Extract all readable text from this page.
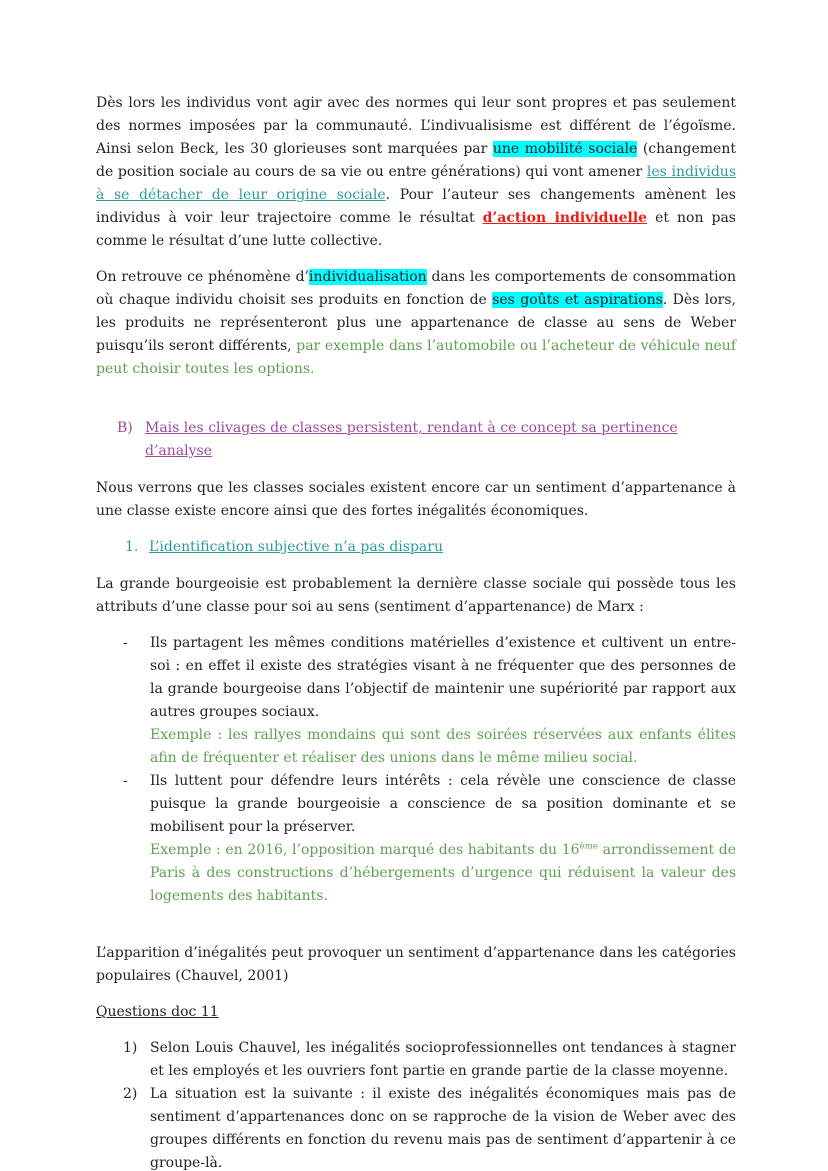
Dès lors les individus vont agir avec des normes qui leur sont propres et pas seulement des normes imposées par la communauté. L’indivualisisme est différent de l’égoïsme. Ainsi selon Beck, les 30 glorieuses sont marquées par une mobilité sociale (changement de position sociale au cours de sa vie ou entre générations) qui vont amener les individus à se détacher de leur origine sociale. Pour l’auteur ses changements amènent les individus à voir leur trajectoire comme le résultat d’action individuelle et non pas comme le résultat d’une lutte collective.

On retrouve ce phénomène d’individualisation dans les comportements de consommation où chaque individu choisit ses produits en fonction de ses goûts et aspirations. Dès lors, les produits ne représenteront plus une appartenance de classe au sens de Weber puisqu’ils seront différents, par exemple dans l’automobile ou l’acheteur de véhicule neuf peut choisir toutes les options.

B) Mais les clivages de classes persistent, rendant à ce concept sa pertinence d’analyse

Nous verrons que les classes sociales existent encore car un sentiment d’appartenance à une classe existe encore ainsi que des fortes inégalités économiques.

1. L’identification subjective n’a pas disparu

La grande bourgeoisie est probablement la dernière classe sociale qui possède tous les attributs d’une classe pour soi au sens (sentiment d’appartenance) de Marx :

-	Ils partagent les mêmes conditions matérielles d’existence et cultivent un entre-soi : en effet il existe des stratégies visant à ne fréquenter que des personnes de la grande bourgeoise dans l’objectif de maintenir une supériorité par rapport aux autres groupes sociaux.
Exemple : les rallyes mondains qui sont des soirées réservées aux enfants élites afin de fréquenter et réaliser des unions dans le même milieu social.
-	Ils luttent pour défendre leurs intérêts : cela révèle une conscience de classe puisque la grande bourgeoisie a conscience de sa position dominante et se mobilisent pour la préserver.
Exemple : en 2016, l’opposition marqué des habitants du 16ème arrondissement de Paris à des constructions d’hébergements d’urgence qui réduisent la valeur des logements des habitants.

L’apparition d’inégalités peut provoquer un sentiment d’appartenance dans les catégories populaires (Chauvel, 2001)

Questions doc 11

1) Selon Louis Chauvel, les inégalités socioprofessionnelles ont tendances à stagner et les employés et les ouvriers font partie en grande partie de la classe moyenne.
2) La situation est la suivante : il existe des inégalités économiques mais pas de sentiment d’appartenances donc on se rapproche de la vision de Weber avec des groupes différents en fonction du revenu mais pas de sentiment d’appartenir à ce groupe-là.
